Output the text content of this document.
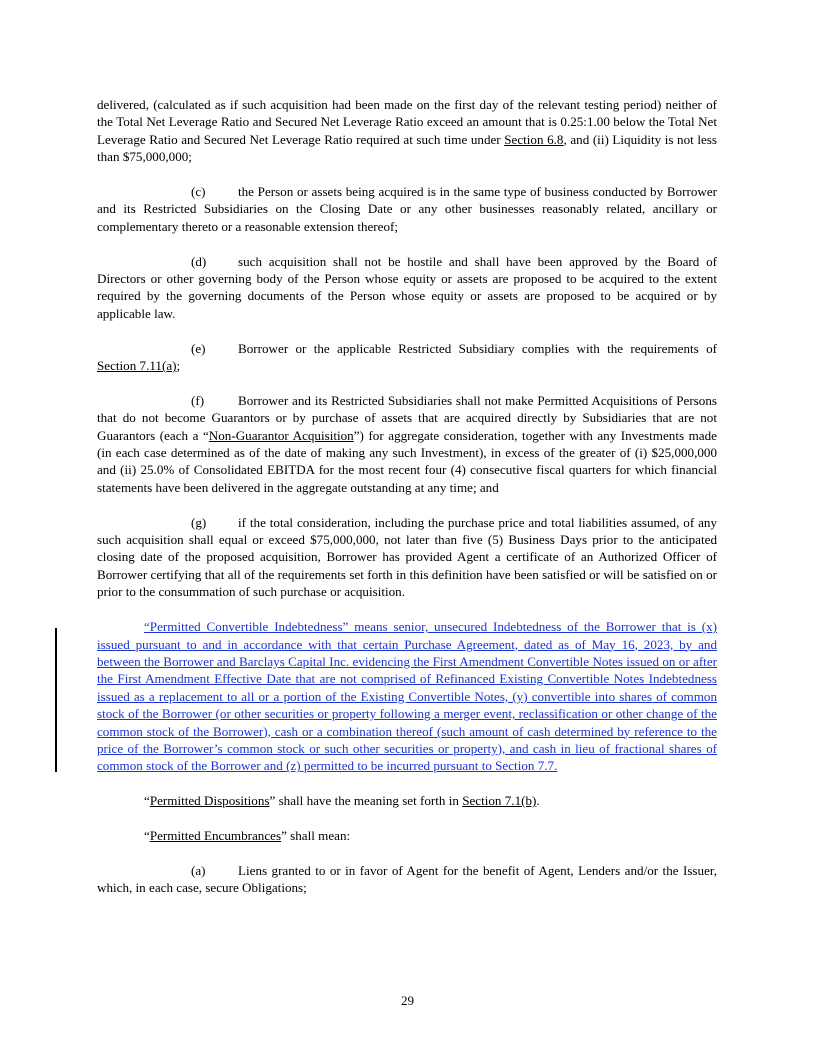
delivered, (calculated as if such acquisition had been made on the first day of the relevant testing period) neither of the Total Net Leverage Ratio and Secured Net Leverage Ratio exceed an amount that is 0.25:1.00 below the Total Net Leverage Ratio and Secured Net Leverage Ratio required at such time under Section 6.8, and (ii) Liquidity is not less than $75,000,000;

(c) the Person or assets being acquired is in the same type of business conducted by Borrower and its Restricted Subsidiaries on the Closing Date or any other businesses reasonably related, ancillary or complementary thereto or a reasonable extension thereof;

(d) such acquisition shall not be hostile and shall have been approved by the Board of Directors or other governing body of the Person whose equity or assets are proposed to be acquired to the extent required by the governing documents of the Person whose equity or assets are proposed to be acquired or by applicable law.

(e) Borrower or the applicable Restricted Subsidiary complies with the requirements of Section 7.11(a);

(f)	Borrower and its Restricted Subsidiaries shall not make Permitted Acquisitions of Persons that do not become Guarantors or by purchase of assets that are acquired directly by Subsidiaries that are not Guarantors (each a “Non-Guarantor Acquisition”) for aggregate consideration, together with any Investments made (in each case determined as of the date of making any such Investment), in excess of the greater of (i) $25,000,000 and (ii) 25.0% of Consolidated EBITDA for the most recent four (4) consecutive fiscal quarters for which financial statements have been delivered in the aggregate outstanding at any time; and

(g) if the total consideration, including the purchase price and total liabilities assumed, of any such acquisition shall equal or exceed $75,000,000, not later than five (5) Business Days prior to the anticipated closing date of the proposed acquisition, Borrower has provided Agent a certificate of an Authorized Officer of Borrower certifying that all of the requirements set forth in this definition have been satisfied or will be satisfied on or prior to the consummation of such purchase or acquisition.

“Permitted Convertible Indebtedness” means senior, unsecured Indebtedness of the Borrower that is (x) issued pursuant to and in accordance with that certain Purchase Agreement, dated as of May 16, 2023, by and between the Borrower and Barclays Capital Inc. evidencing the First Amendment Convertible Notes issued on or after the First Amendment Effective Date that are not comprised of Refinanced Existing Convertible Notes Indebtedness issued as a replacement to all or a portion of the Existing Convertible Notes, (y) convertible into shares of common stock of the Borrower (or other securities or property following a merger event, reclassification or other change of the common stock of the Borrower), cash or a combination thereof (such amount of cash determined by reference to the price of the Borrower’s common stock or such other securities or property), and cash in lieu of fractional shares of common stock of the Borrower and (z) permitted to be incurred pursuant to Section 7.7.

“Permitted Dispositions” shall have the meaning set forth in Section 7.1(b).

“Permitted Encumbrances” shall mean:

(a) Liens granted to or in favor of Agent for the benefit of Agent, Lenders and/or the Issuer, which, in each case, secure Obligations;

29
